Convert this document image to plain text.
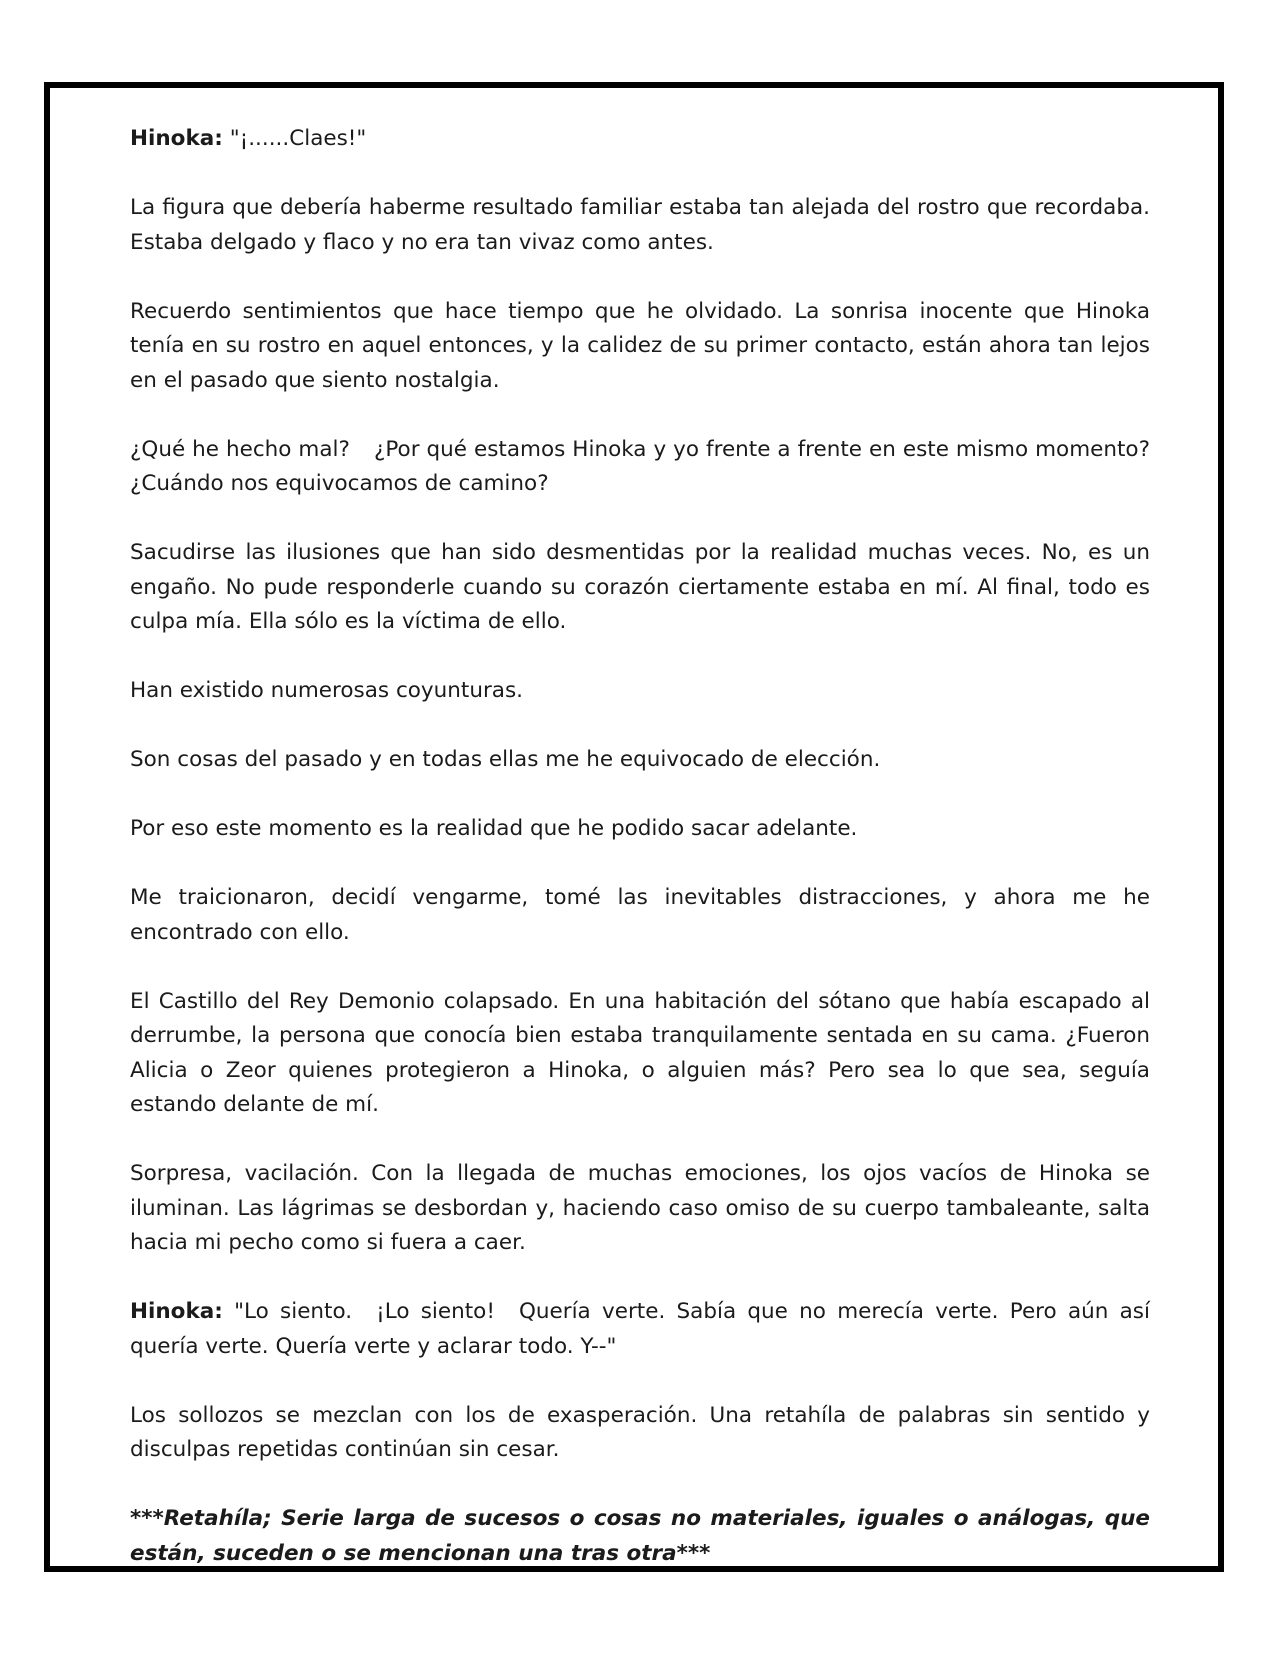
Hinoka: "¡......Claes!"

La figura que debería haberme resultado familiar estaba tan alejada del rostro que recordaba. Estaba delgado y flaco y no era tan vivaz como antes.

Recuerdo sentimientos que hace tiempo que he olvidado. La sonrisa inocente que Hinoka tenía en su rostro en aquel entonces, y la calidez de su primer contacto, están ahora tan lejos en el pasado que siento nostalgia.

¿Qué he hecho mal? ¿Por qué estamos Hinoka y yo frente a frente en este mismo momento? ¿Cuándo nos equivocamos de camino?

Sacudirse las ilusiones que han sido desmentidas por la realidad muchas veces. No, es un engaño. No pude responderle cuando su corazón ciertamente estaba en mí. Al final, todo es culpa mía. Ella sólo es la víctima de ello.

Han existido numerosas coyunturas.

Son cosas del pasado y en todas ellas me he equivocado de elección.

Por eso este momento es la realidad que he podido sacar adelante.

Me traicionaron, decidí vengarme, tomé las inevitables distracciones, y ahora me he encontrado con ello.

El Castillo del Rey Demonio colapsado. En una habitación del sótano que había escapado al derrumbe, la persona que conocía bien estaba tranquilamente sentada en su cama. ¿Fueron Alicia o Zeor quienes protegieron a Hinoka, o alguien más? Pero sea lo que sea, seguía estando delante de mí.

Sorpresa, vacilación. Con la llegada de muchas emociones, los ojos vacíos de Hinoka se iluminan. Las lágrimas se desbordan y, haciendo caso omiso de su cuerpo tambaleante, salta hacia mi pecho como si fuera a caer.

Hinoka: "Lo siento. ¡Lo siento! Quería verte. Sabía que no merecía verte. Pero aún así quería verte. Quería verte y aclarar todo. Y--"

Los sollozos se mezclan con los de exasperación. Una retahíla de palabras sin sentido y disculpas repetidas continúan sin cesar.

***Retahíla; Serie larga de sucesos o cosas no materiales, iguales o análogas, que están, suceden o se mencionan una tras otra***
